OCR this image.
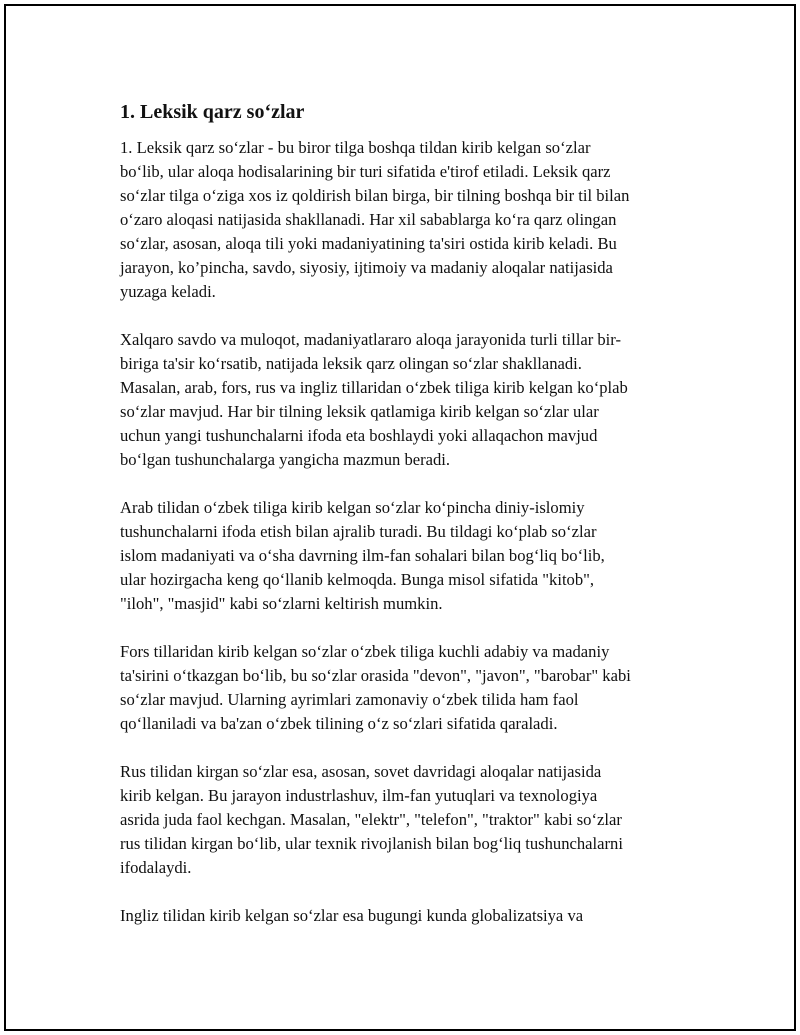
1. Leksik qarz so‘zlar

1. Leksik qarz so‘zlar - bu biror tilga boshqa tildan kirib kelgan so‘zlar
bo‘lib, ular aloqa hodisalarining bir turi sifatida e'tirof etiladi. Leksik qarz
so‘zlar tilga o‘ziga xos iz qoldirish bilan birga, bir tilning boshqa bir til bilan
o‘zaro aloqasi natijasida shakllanadi. Har xil sabablarga ko‘ra qarz olingan
so‘zlar, asosan, aloqa tili yoki madaniyatining ta'siri ostida kirib keladi. Bu
jarayon, ko’pincha, savdo, siyosiy, ijtimoiy va madaniy aloqalar natijasida
yuzaga keladi.

Xalqaro savdo va muloqot, madaniyatlararo aloqa jarayonida turli tillar bir-
biriga ta'sir ko‘rsatib, natijada leksik qarz olingan so‘zlar shakllanadi.
Masalan, arab, fors, rus va ingliz tillaridan o‘zbek tiliga kirib kelgan ko‘plab
so‘zlar mavjud. Har bir tilning leksik qatlamiga kirib kelgan so‘zlar ular
uchun yangi tushunchalarni ifoda eta boshlaydi yoki allaqachon mavjud
bo‘lgan tushunchalarga yangicha mazmun beradi.

Arab tilidan o‘zbek tiliga kirib kelgan so‘zlar ko‘pincha diniy-islomiy
tushunchalarni ifoda etish bilan ajralib turadi. Bu tildagi ko‘plab so‘zlar
islom madaniyati va o‘sha davrning ilm-fan sohalari bilan bog‘liq bo‘lib,
ular hozirgacha keng qo‘llanib kelmoqda. Bunga misol sifatida "kitob",
"iloh", "masjid" kabi so‘zlarni keltirish mumkin.

Fors tillaridan kirib kelgan so‘zlar o‘zbek tiliga kuchli adabiy va madaniy
ta'sirini o‘tkazgan bo‘lib, bu so‘zlar orasida "devon", "javon", "barobar" kabi
so‘zlar mavjud. Ularning ayrimlari zamonaviy o‘zbek tilida ham faol
qo‘llaniladi va ba'zan o‘zbek tilining o‘z so‘zlari sifatida qaraladi.

Rus tilidan kirgan so‘zlar esa, asosan, sovet davridagi aloqalar natijasida
kirib kelgan. Bu jarayon industrlashuv, ilm-fan yutuqlari va texnologiya
asrida juda faol kechgan. Masalan, "elektr", "telefon", "traktor" kabi so‘zlar
rus tilidan kirgan bo‘lib, ular texnik rivojlanish bilan bog‘liq tushunchalarni
ifodalaydi.

Ingliz tilidan kirib kelgan so‘zlar esa bugungi kunda globalizatsiya va
